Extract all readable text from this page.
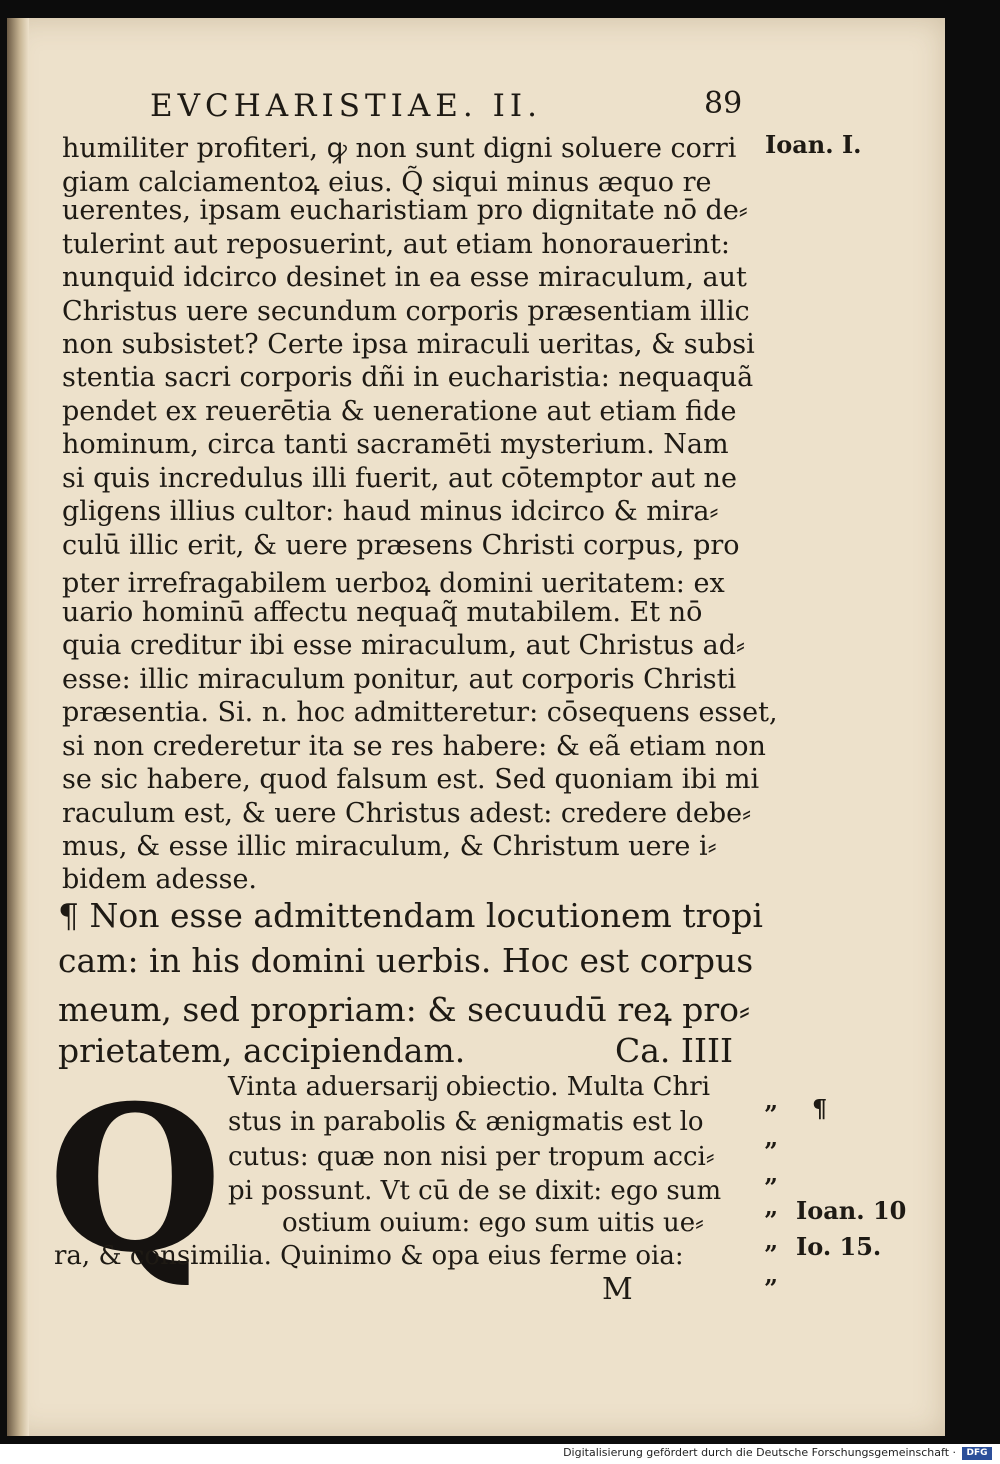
EVCHARISTIAE. II.	89
humiliter profiteri, ꝙ non sunt digni soluere corri
giam calciamentoꝝ eius. Q̃ siqui minus æquo re
uerentes, ipsam eucharistiam pro dignitate nō de⸗
tulerint aut reposuerint, aut etiam honorauerint:
nunquid idcirco desinet in ea esse miraculum, aut
Christus uere secundum corporis præsentiam illic
non subsistet? Certe ipsa miraculi ueritas, & subsi
stentia sacri corporis dñi in eucharistia: nequaquã
pendet ex reuerētia & ueneratione aut etiam fide
hominum, circa tanti sacramēti mysterium. Nam
si quis incredulus illi fuerit, aut cōtemptor aut ne
gligens illius cultor: haud minus idcirco & mira⸗
culū illic erit, & uere præsens Christi corpus, pro
pter irrefragabilem uerboꝝ domini ueritatem: ex
uario hominū affectu nequaq̃ mutabilem. Et nō
quia creditur ibi esse miraculum, aut Christus ad⸗
esse: illic miraculum ponitur, aut corporis Christi
præsentia. Si. n. hoc admitteretur: cōsequens esset,
si non crederetur ita se res habere: & eã etiam non
se sic habere, quod falsum est. Sed quoniam ibi mi
raculum est, & uere Christus adest: credere debe⸗
mus, & esse illic miraculum, & Christum uere i⸗
bidem adesse.
¶ Non esse admittendam locutionem tropi
cam: in his domini uerbis. Hoc est corpus
meum, sed propriam: & secuudū reꝝ pro⸗
prietatem, accipiendam.	Ca. IIII
Q Vinta aduersarĳ obiectio. Multa Chri
stus in parabolis & ænigmatis est lo
cutus: quæ non nisi per tropum acci⸗
pi possunt. Vt cū de se dixit: ego sum
ostium ouium: ego sum uitis ue⸗
ra, & consimilia. Quinimo & opa eius ferme oia:
M
Ioan. I.
Ioan. 10
Io. 15.
” ¶
”
”
”
”
”
Digitalisierung gefördert durch die Deutsche Forschungsgemeinschaft ·	DFG
